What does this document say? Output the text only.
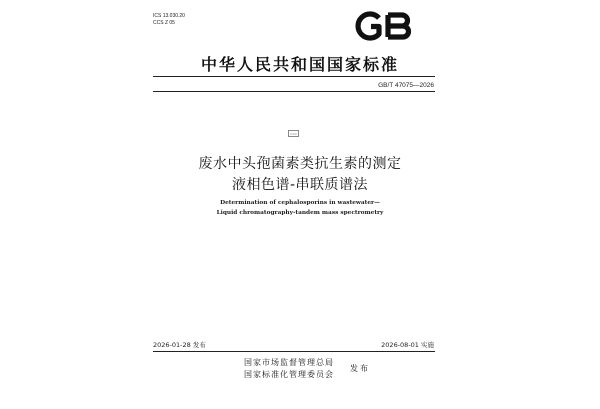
ICS 13.030.20
CCS Z 05
中华人民共和国国家标准
GB/T 47075—2026
===
废水中头孢菌素类抗生素的测定
液相色谱-串联质谱法
Determination of cephalosporins in wastewater—
Liquid chromatography-tandem mass spectrometry
2026-01-28 发布	2026-08-01 实施
国家市场监督管理总局
国家标准化管理委员会
发布
